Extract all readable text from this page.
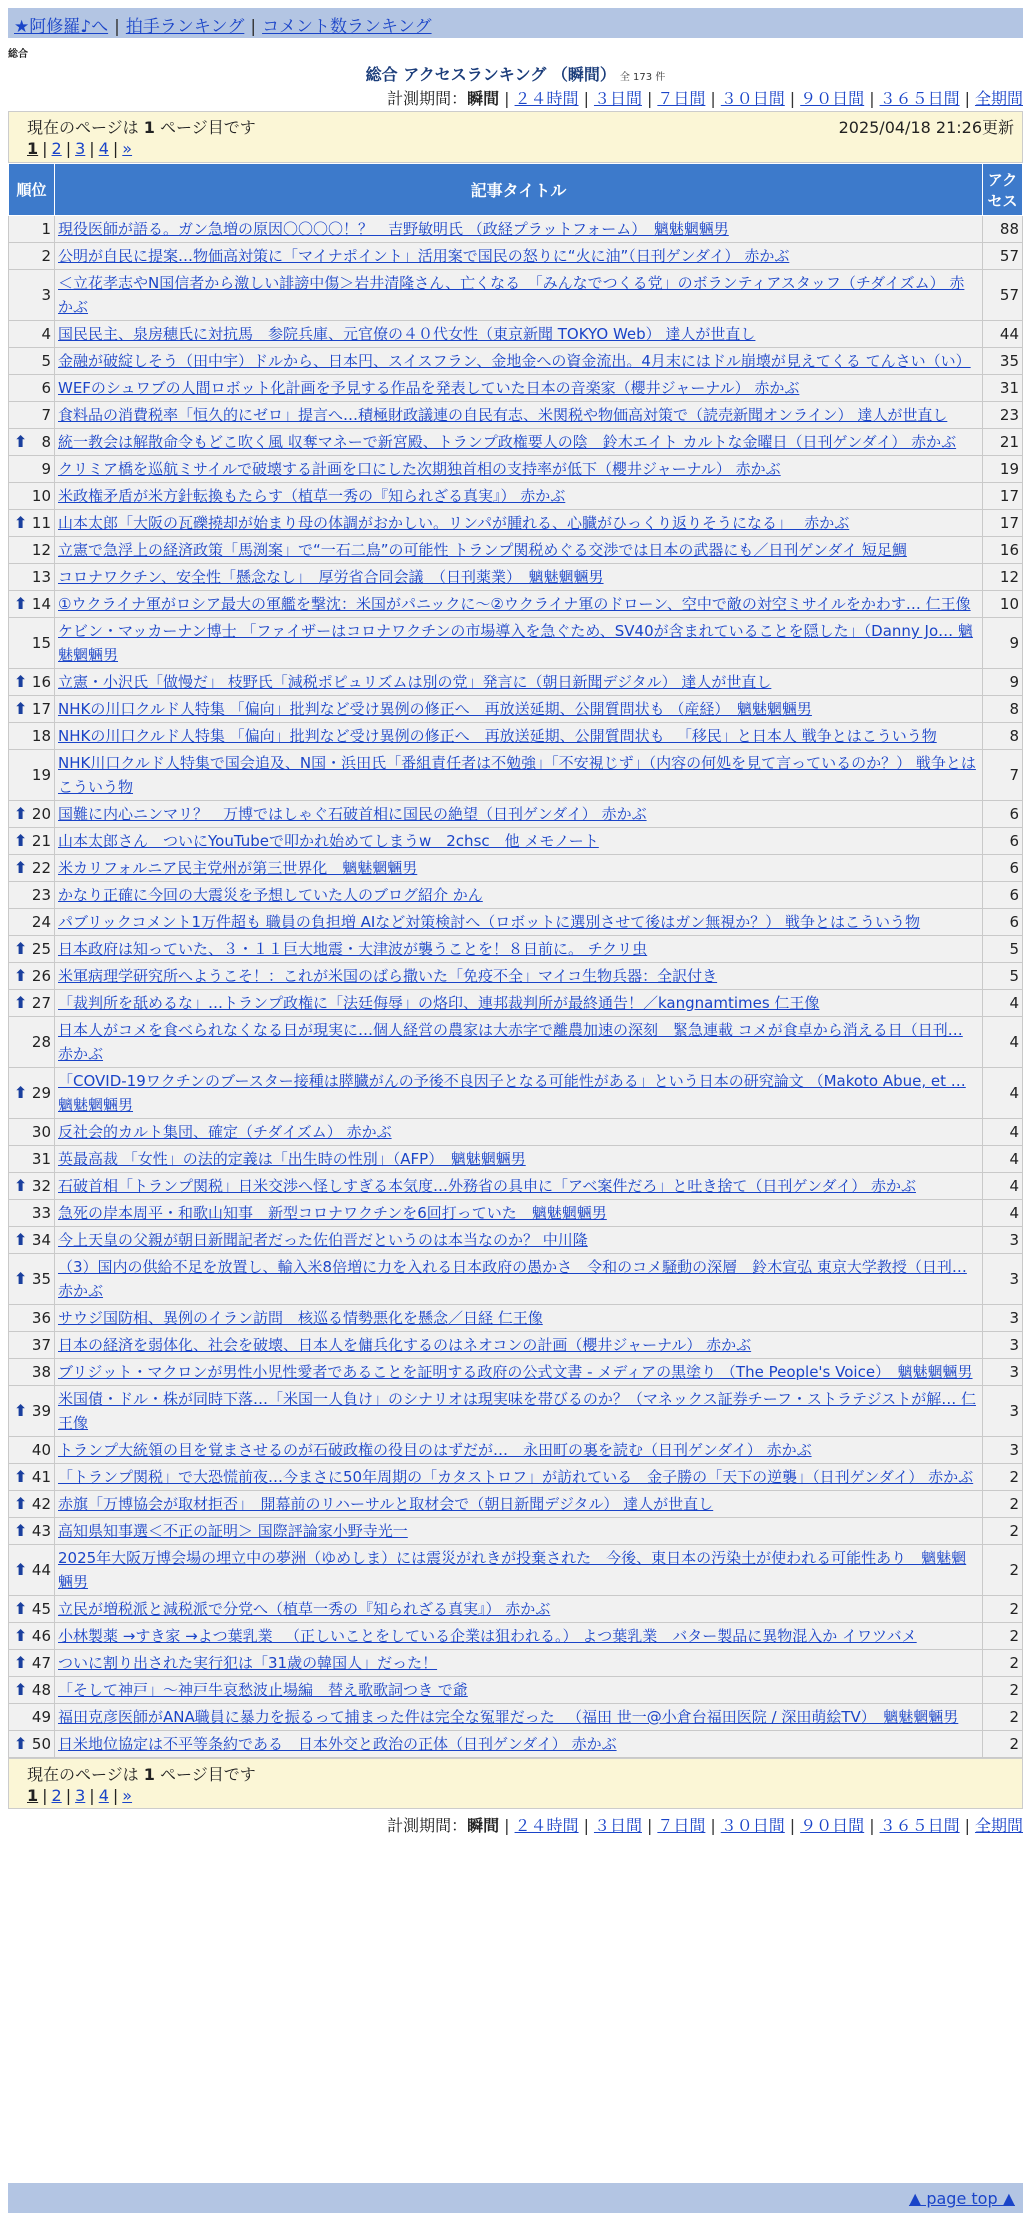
★阿修羅♪へ | 拍手ランキング | コメント数ランキング
総合
総合 アクセスランキング （瞬間） 全 173 件
計測期間：瞬間 | ２４時間 | ３日間 | ７日間 | ３０日間 | ９０日間 | ３６５日間 | 全期間
現在のページは 1 ページ目です	2025/04/18 21:26更新
1 | 2 | 3 | 4 | »
順位	記事タイトル	アクセス
1	現役医師が語る。ガン急増の原因〇〇〇〇！？　吉野敏明氏 （政経プラットフォーム）　魑魅魍魎男	88
2	公明が自民に提案…物価高対策に「マイナポイント」活用案で国民の怒りに“火に油”（日刊ゲンダイ） 赤かぶ	57
3	＜立花孝志やN国信者から激しい誹謗中傷＞岩井清隆さん、亡くなる　「みんなでつくる党」のボランティアスタッフ（チダイズム） 赤かぶ	57
4	国民民主、泉房穂氏に対抗馬　参院兵庫、元官僚の４０代女性（東京新聞 TOKYO Web） 達人が世直し	44
5	金融が破綻しそう（田中宇）ドルから、日本円、スイスフラン、金地金への資金流出。4月末にはドル崩壊が見えてくる てんさい（い）	35
6	WEFのシュワブの人間ロボット化計画を予見する作品を発表していた日本の音楽家（櫻井ジャーナル） 赤かぶ	31
7	食料品の消費税率「恒久的にゼロ」提言へ…積極財政議連の自民有志、米関税や物価高対策で（読売新聞オンライン） 達人が世直し	23

⬆ 8	統一教会は解散命令もどこ吹く風 収奪マネーで新宮殿、トランプ政権要人の陰　鈴木エイト カルトな金曜日（日刊ゲンダイ） 赤かぶ	21
9	クリミア橋を巡航ミサイルで破壊する計画を口にした次期独首相の支持率が低下（櫻井ジャーナル） 赤かぶ	19
10	米政権矛盾が米方針転換もたらす（植草一秀の『知られざる真実』） 赤かぶ	17

⬆ 11	山本太郎「大阪の瓦礫撓却が始まり母の体調がおかしい。リンパが腫れる、心臓がひっくり返りそうになる」　 赤かぶ	17
12	立憲で急浮上の経済政策「馬渕案」で“一石二鳥”の可能性 トランプ関税めぐる交渉では日本の武器にも／日刊ゲンダイ 短足鯛	16
13	コロナワクチン、安全性「懸念なし」　厚労省合同会議　（日刊薬業）　魑魅魍魎男	12

⬆ 14	①ウクライナ軍がロシア最大の軍艦を撃沈：米国がパニックに～②ウクライナ軍のドローン、空中で敵の対空ミサイルをかわす… 仁王像	10
15	ケビン・マッカーナン博士 「ファイザーはコロナワクチンの市場導入を急ぐため、SV40が含まれていることを隠した」（Danny Jo… 魑魅魍魎男	9

⬆ 16	立憲・小沢氏「做慢だ」 枝野氏「減税ポピュリズムは別の党」発言に（朝日新聞デジタル） 達人が世直し	9

⬆ 17	NHKの川口クルド人特集 「偏向」批判など受け異例の修正へ　再放送延期、公開質問状も （産経）　魑魅魍魎男	8
18	NHKの川口クルド人特集 「偏向」批判など受け異例の修正へ　再放送延期、公開質問状も 　「移民」と日本人 戦争とはこういう物	8
19	NHK川口クルド人特集で国会追及、N国・浜田氏「番組責任者は不勉強」「不安視じず」（内容の何処を見て言っているのか？） 戦争とはこういう物	7

⬆ 20	国難に内心ニンマリ？　万博ではしゃぐ石破首相に国民の絶望（日刊ゲンダイ） 赤かぶ	6

⬆ 21	山本太郎さん　ついにYouTubeで叩かれ始めてしまうw　2chsc　他 メモノート	6

⬆ 22	米カリフォルニア民主党州が第三世界化　魑魅魍魎男	6
23	かなり正確に今回の大震災を予想していた人のブログ紹介 かん	6
24	パブリックコメント1万件超も 職員の負担増 AIなど対策検討へ（ロボットに選別させて後はガン無視か？） 戦争とはこういう物	6

⬆ 25	日本政府は知っていた、３・１１巨大地震・大津波が襲うことを！８日前に。 チクリ虫	5

⬆ 26	米軍病理学研究所へようこそ！：これが米国のばら撒いた「免疫不全」マイコ生物兵器：全訳付き	5

⬆ 27	「裁判所を舐めるな」…トランプ政権に「法廷侮辱」の烙印、連邦裁判所が最終通告！／kangnamtimes 仁王像	4
28	日本人がコメを食べられなくなる日が現実に…個人経営の農家は大赤字で離農加速の深刻　緊急連載 コメが食卓から消える日（日刊… 赤かぶ	4

⬆ 29	「COVID-19ワクチンのブースター接種は膵臓がんの予後不良因子となる可能性がある」という日本の研究論文 （Makoto Abue, et … 魑魅魍魎男	4
30	反社会的カルト集団、確定（チダイズム） 赤かぶ	4
31	英最高裁 「女性」の法的定義は「出生時の性別」（AFP）　魑魅魍魎男	4

⬆ 32	石破首相「トランプ関税」日米交渉へ怪しすぎる本気度…外務省の具申に「アベ案件だろ」と吐き捨て（日刊ゲンダイ） 赤かぶ	4
33	急死の岸本周平・和歌山知事　新型コロナワクチンを6回打っていた　魑魅魍魎男	4

⬆ 34	今上天皇の父親が朝日新聞記者だった佐伯晋だというのは本当なのか？ 中川隆	3

⬆ 35	（3）国内の供給不足を放置し、輸入米8倍増に力を入れる日本政府の愚かさ　令和のコメ騒動の深層　鈴木宣弘 東京大学教授（日刊… 赤かぶ	3
36	サウジ国防相、異例のイラン訪問　核巡る情勢悪化を懸念／日経 仁王像	3
37	日本の経済を弱体化、社会を破壊、日本人を傭兵化するのはネオコンの計画（櫻井ジャーナル） 赤かぶ	3
38	ブリジット・マクロンが男性小児性愛者であることを証明する政府の公式文書 - メディアの黒塗り （The People's Voice）　魑魅魍魎男	3

⬆ 39	米国債・ドル・株が同時下落…「米国一人負け」のシナリオは現実味を帯びるのか？（マネックス証券チーフ・ストラテジストが解… 仁王像	3
40	トランプ大統領の目を覚まさせるのが石破政権の役目のはずだが…　永田町の裏を読む（日刊ゲンダイ） 赤かぶ	3

⬆ 41	「トランプ関税」で大恐慌前夜…今まさに50年周期の「カタストロフ」が訪れている　金子勝の「天下の逆襲」（日刊ゲンダイ） 赤かぶ	2

⬆ 42	赤旗「万博協会が取材拒否」　開幕前のリハーサルと取材会で（朝日新聞デジタル） 達人が世直し	2

⬆ 43	高知県知事選＜不正の証明＞ 国際評論家小野寺光一	2

⬆ 44	2025年大阪万博会場の埋立中の夢洲（ゆめしま）には震災がれきが投棄された　今後、東日本の汚染土が使われる可能性あり　魑魅魍魎男	2

⬆ 45	立民が増税派と減税派で分党へ（植草一秀の『知られざる真実』） 赤かぶ	2

⬆ 46	小林製薬 →すき家 →よつ葉乳業 　（正しいことをしている企業は狙われる。） よつ葉乳業　バター製品に異物混入か イワツバメ	2

⬆ 47	ついに割り出された実行犯は「31歳の韓国人」だった！	2

⬆ 48	「そして神戸」～神戸牛哀愁波止場編　替え歌歌詞つき で爺	2
49	福田克彦医師がANA職員に暴力を振るって捕まった件は完全な冤罪だった 　（福田 世一@小倉台福田医院 / 深田萌絵TV）　魑魅魍魎男	2

⬆ 50	日米地位協定は不平等条約である　日本外交と政治の正体（日刊ゲンダイ） 赤かぶ	2
現在のページは 1 ページ目です
1 | 2 | 3 | 4 | »
計測期間：瞬間 | ２４時間 | ３日間 | ７日間 | ３０日間 | ９０日間 | ３６５日間 | 全期間
▲ page top ▲
